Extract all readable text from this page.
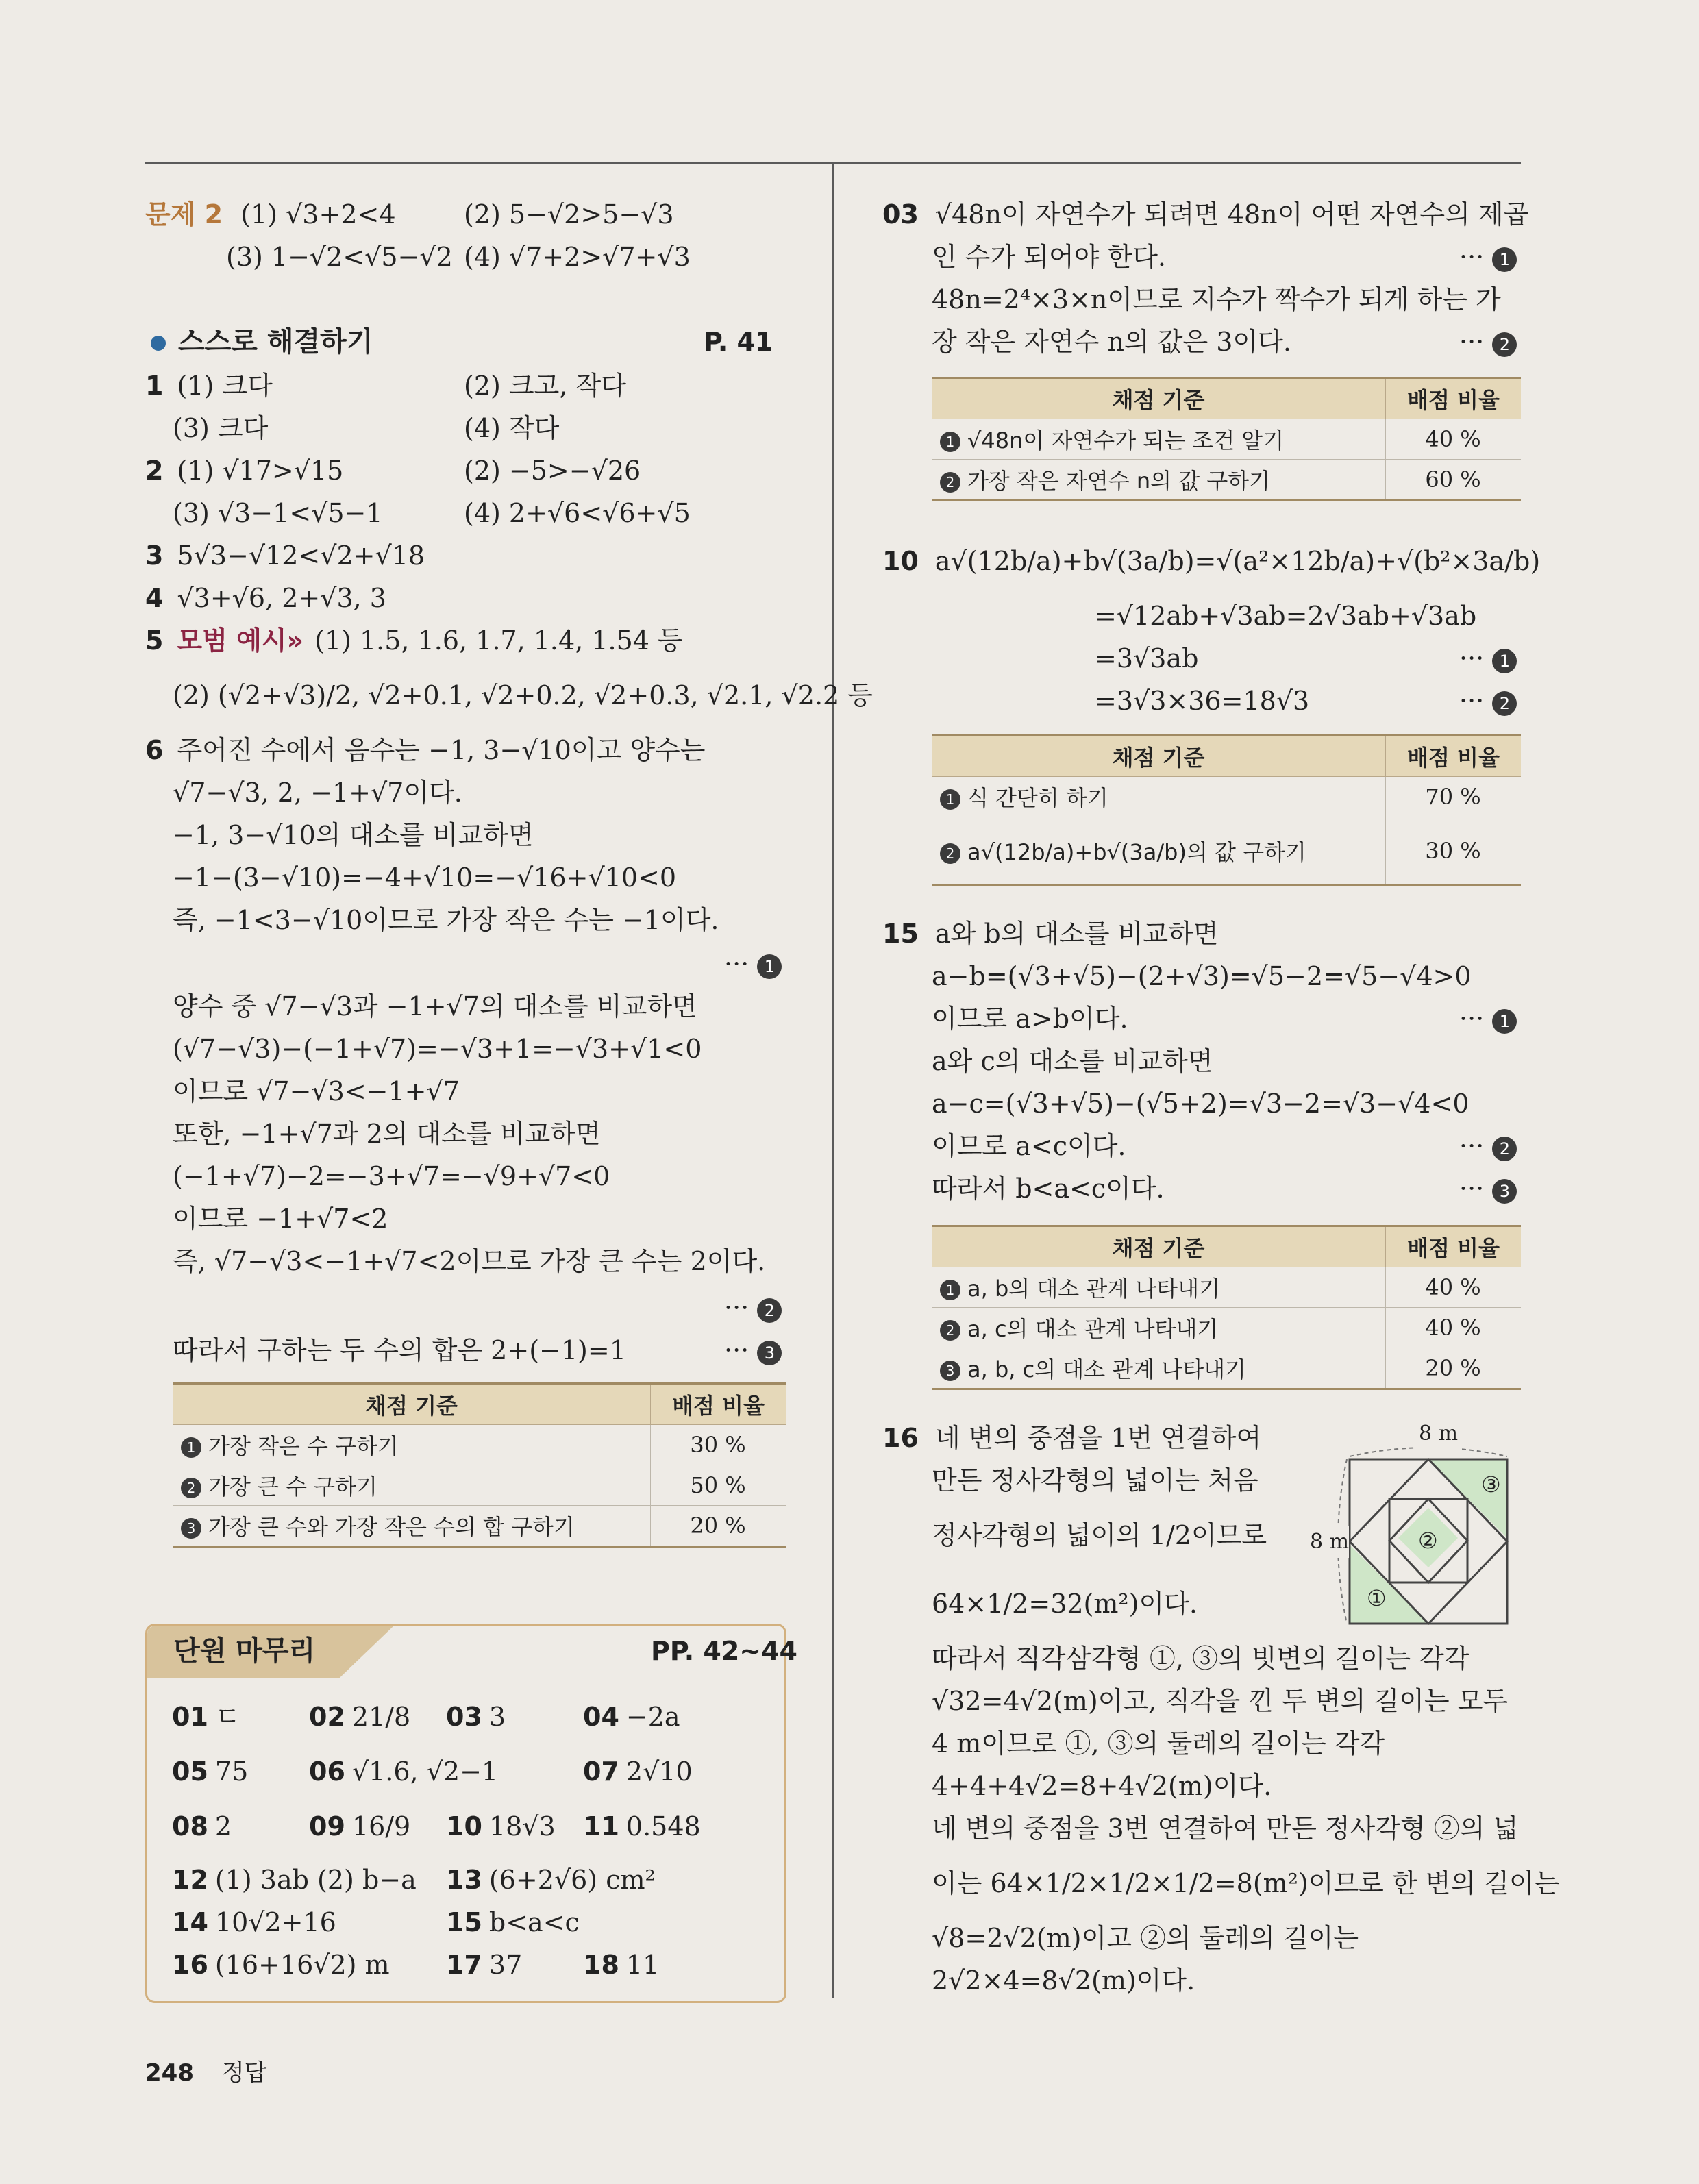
문제 2 (1) √3+2<4	(2) 5−√2>5−√3
(3) 1−√2<√5−√2 (4) √7+2>√7+√3
스스로 해결하기	P. 41
1 (1) 크다	(2) 크고, 작다
(3) 크다	(4) 작다
2 (1) √17>√15	(2) −5>−√26
(3) √3−1<√5−1	(4) 2+√6<√6+√5
3 5√3−√12<√2+√18
4 √3+√6, 2+√3, 3
5 모범 예시» (1) 1.5, 1.6, 1.7, 1.4̇, 1.54̇ 등
(2) (√2+√3)/2, √2+0.1, √2+0.2, √2+0.3, √2.1, √2.2 등
6 주어진 수에서 음수는 −1, 3−√10이고 양수는
√7−√3, 2, −1+√7이다.
−1, 3−√10의 대소를 비교하면
−1−(3−√10)=−4+√10=−√16+√10<0
즉, −1<3−√10이므로 가장 작은 수는 −1이다.
··· 1
양수 중 √7−√3과 −1+√7의 대소를 비교하면
(√7−√3)−(−1+√7)=−√3+1=−√3+√1<0
이므로 √7−√3<−1+√7
또한, −1+√7과 2의 대소를 비교하면
(−1+√7)−2=−3+√7=−√9+√7<0
이므로 −1+√7<2
즉, √7−√3<−1+√7<2이므로 가장 큰 수는 2이다.
··· 2
따라서 구하는 두 수의 합은 2+(−1)=1	··· 3
채점 기준	배점 비율
1 가장 작은 수 구하기	30 %
2 가장 큰 수 구하기	50 %
3 가장 큰 수와 가장 작은 수의 합 구하기	20 %
단원 마무리	PP. 42~44
01 ㄷ	02 21/8 03 3	04 −2a
05 75 06 √1.6, √2−1	07 2√10
08 2	09 16/9 10 18√3 11 0.548
12 (1) 3ab (2) b−a 13 (6+2√6) cm²
14 10√2+16	15 b<a<c
16 (16+16√2) m 17 37 18 11
03 √48n이 자연수가 되려면 48n이 어떤 자연수의 제곱
인 수가 되어야 한다.	··· 1
48n=2⁴×3×n이므로 지수가 짝수가 되게 하는 가
장 작은 자연수 n의 값은 3이다.	··· 2
채점 기준	배점 비율
1 √48n이 자연수가 되는 조건 알기	40 %
2 가장 작은 자연수 n의 값 구하기	60 %
10 a√(12b/a)+b√(3a/b)=√(a²×12b/a)+√(b²×3a/b)
=√12ab+√3ab=2√3ab+√3ab
=3√3ab	··· 1
=3√3×36=18√3	··· 2
채점 기준	배점 비율
1 식 간단히 하기	70 %
2 a√(12b/a)+b√(3a/b)의 값 구하기	30 %
15 a와 b의 대소를 비교하면
a−b=(√3+√5)−(2+√3)=√5−2=√5−√4>0
이므로 a>b이다.	··· 1
a와 c의 대소를 비교하면
a−c=(√3+√5)−(√5+2)=√3−2=√3−√4<0
이므로 a<c이다.	··· 2
따라서 b<a<c이다.	··· 3
채점 기준	배점 비율
1 a, b의 대소 관계 나타내기	40 %
2 a, c의 대소 관계 나타내기	40 %
3 a, b, c의 대소 관계 나타내기	20 %
16 네 변의 중점을 1번 연결하여
만든 정사각형의 넓이는 처음
정사각형의 넓이의 1/2이므로
64×1/2=32(m²)이다.
따라서 직각삼각형 ①, ③의 빗변의 길이는 각각
√32=4√2(m)이고, 직각을 낀 두 변의 길이는 모두
4 m이므로 ①, ③의 둘레의 길이는 각각
4+4+4√2=8+4√2(m)이다.
네 변의 중점을 3번 연결하여 만든 정사각형 ②의 넓
이는 64×1/2×1/2×1/2=8(m²)이므로 한 변의 길이는
√8=2√2(m)이고 ②의 둘레의 길이는
2√2×4=8√2(m)이다.
8 m
8 m
①
②
③
248 정답
